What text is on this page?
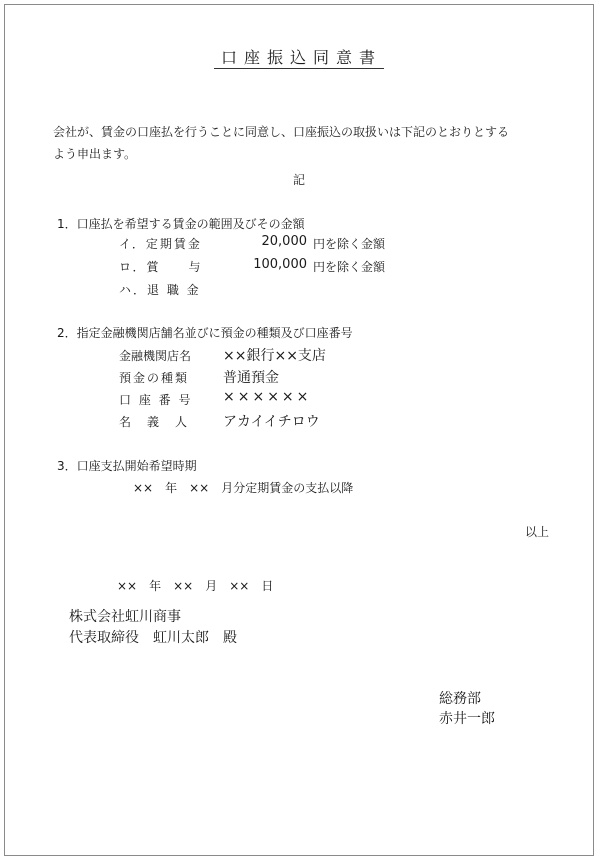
口座振込同意書
会社が、賃金の口座払を行うことに同意し、口座振込の取扱いは下記のとおりとする
よう申出ます。
記
1．口座払を希望する賃金の範囲及びその金額
イ．定期賃金	20,000 円を除く金額
ロ．賞　　与	100,000 円を除く金額
ハ．退 職 金
2．指定金融機関店舗名並びに預金の種類及び口座番号
金融機関店名 ××銀行××支店
預金の種類 普通預金
口 座 番 号 ××××××
名　義　人 アカイイチロウ
3．口座支払開始希望時期
××　年　××　月分定期賃金の支払以降
以上
××　年　××　月　××　日
株式会社虹川商事
代表取締役　虹川太郎　殿
総務部
赤井一郎
